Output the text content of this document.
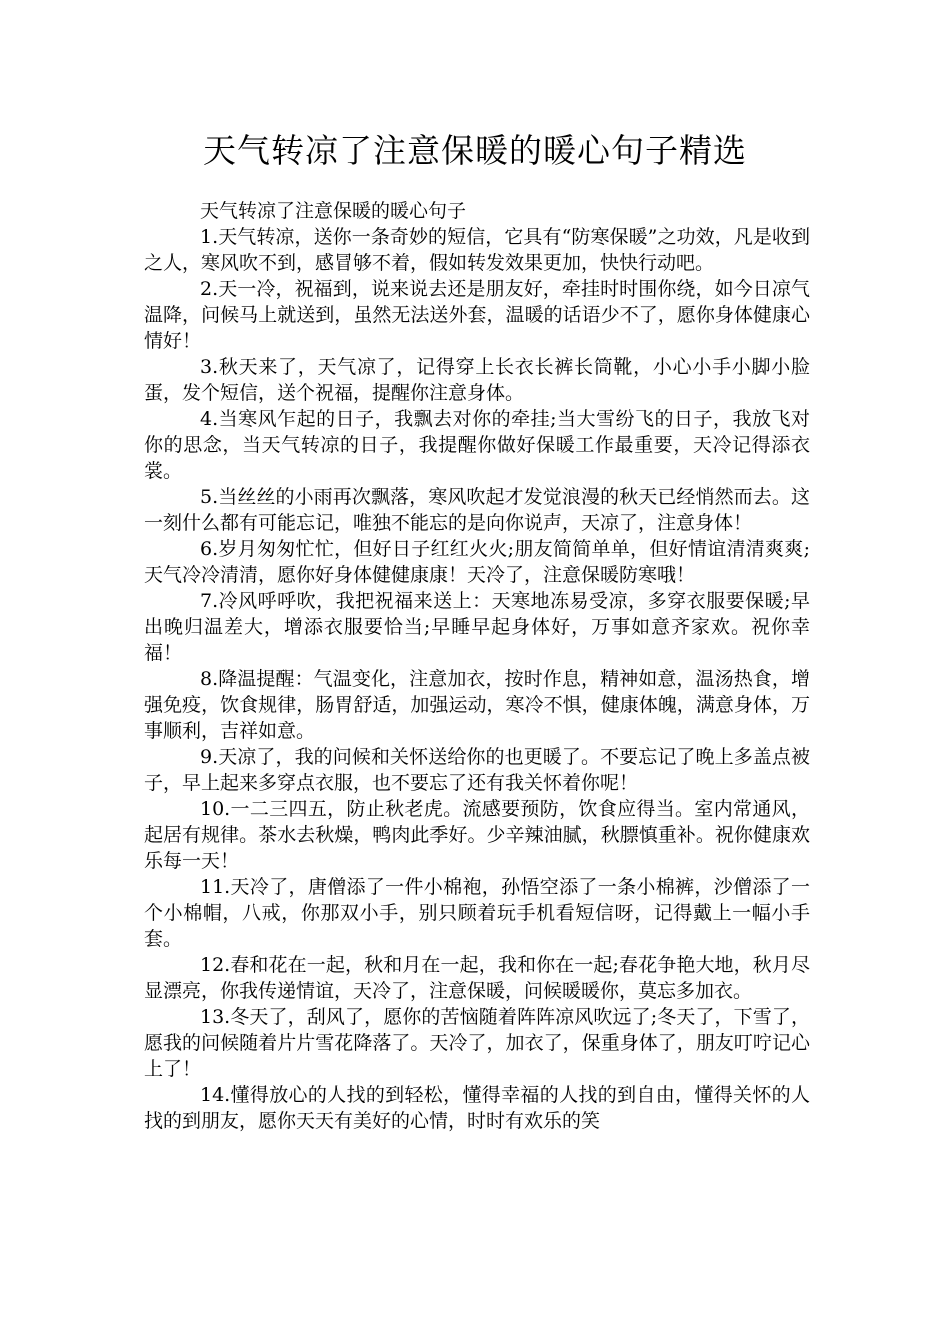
天气转凉了注意保暖的暖心句子精选

天气转凉了注意保暖的暖心句子

1.天气转凉，送你一条奇妙的短信，它具有“防寒保暖”之功效，凡是收到之人，寒风吹不到，感冒够不着，假如转发效果更加，快快行动吧。

2.天一冷，祝福到，说来说去还是朋友好，牵挂时时围你绕，如今日凉气温降，问候马上就送到，虽然无法送外套，温暖的话语少不了，愿你身体健康心情好！

3.秋天来了，天气凉了，记得穿上长衣长裤长筒靴，小心小手小脚小脸蛋，发个短信，送个祝福，提醒你注意身体。

4.当寒风乍起的日子，我飘去对你的牵挂;当大雪纷飞的日子，我放飞对你的思念，当天气转凉的日子，我提醒你做好保暖工作最重要，天冷记得添衣裳。

5.当丝丝的小雨再次飘落，寒风吹起才发觉浪漫的秋天已经悄然而去。这一刻什么都有可能忘记，唯独不能忘的是向你说声，天凉了，注意身体！

6.岁月匆匆忙忙，但好日子红红火火;朋友简简单单，但好情谊清清爽爽;天气冷冷清清，愿你好身体健健康康！天冷了，注意保暖防寒哦！

7.冷风呼呼吹，我把祝福来送上：天寒地冻易受凉，多穿衣服要保暖;早出晚归温差大，增添衣服要恰当;早睡早起身体好，万事如意齐家欢。祝你幸福！

8.降温提醒：气温变化，注意加衣，按时作息，精神如意，温汤热食，增强免疫，饮食规律，肠胃舒适，加强运动，寒冷不惧，健康体魄，满意身体，万事顺利，吉祥如意。

9.天凉了，我的问候和关怀送给你的也更暖了。不要忘记了晚上多盖点被子，早上起来多穿点衣服，也不要忘了还有我关怀着你呢！

10.一二三四五，防止秋老虎。流感要预防，饮食应得当。室内常通风，起居有规律。茶水去秋燥，鸭肉此季好。少辛辣油腻，秋膘慎重补。祝你健康欢乐每一天！

11.天冷了，唐僧添了一件小棉袍，孙悟空添了一条小棉裤，沙僧添了一个小棉帽，八戒，你那双小手，别只顾着玩手机看短信呀，记得戴上一幅小手套。

12.春和花在一起，秋和月在一起，我和你在一起;春花争艳大地，秋月尽显漂亮，你我传递情谊，天冷了，注意保暖，问候暖暖你，莫忘多加衣。

13.冬天了，刮风了，愿你的苦恼随着阵阵凉风吹远了;冬天了，下雪了，愿我的问候随着片片雪花降落了。天冷了，加衣了，保重身体了，朋友叮咛记心上了！

14.懂得放心的人找的到轻松，懂得幸福的人找的到自由，懂得关怀的人找的到朋友，愿你天天有美好的心情，时时有欢乐的笑
